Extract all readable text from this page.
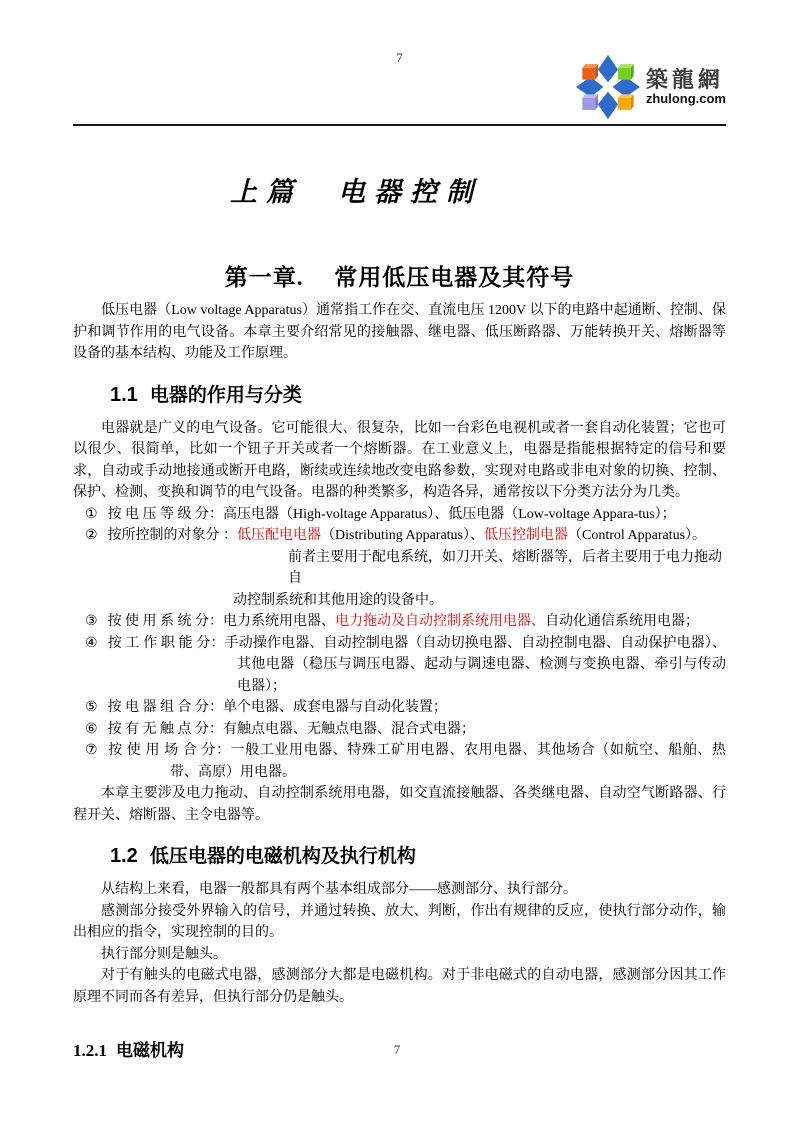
7
築龍網
zhulong.com
上篇 电器控制
第一章.　 常用低压电器及其符号

低压电器（Low voltage Apparatus）通常指工作在交、直流电压 1200V 以下的电路中起通断、控制、保护和调节作用的电气设备。本章主要介绍常见的接触器、继电器、低压断路器、万能转换开关、熔断器等设备的基本结构、功能及工作原理。

1.1 电器的作用与分类

电器就是广义的电气设备。它可能很大、很复杂，比如一台彩色电视机或者一套自动化装置；它也可以很少、很简单，比如一个钮子开关或者一个熔断器。在工业意义上，电器是指能根据特定的信号和要求，自动或手动地接通或断开电路，断续或连续地改变电路参数，实现对电路或非电对象的切换、控制、保护、检测、变换和调节的电气设备。电器的种类繁多，构造各异，通常按以下分类方法分为几类。

① 按 电 压 等 级 分：高压电器（High-voltage Apparatus）、低压电器（Low-voltage Appara-tus）；
② 按所控制的对象分 ：低压配电电器（Distributing Apparatus）、低压控制电器（Control Apparatus）。
前者主要用于配电系统，如刀开关、熔断器等，后者主要用于电力拖动自
动控制系统和其他用途的设备中。
③ 按 使 用 系 统 分：电力系统用电器、电力拖动及自动控制系统用电器、自动化通信系统用电器；
④ 按 工 作 职 能 分：手动操作电器、自动控制电器（自动切换电器、自动控制电器、自动保护电器）、其他电器（稳压与调压电器、起动与调速电器、检测与变换电器、牵引与传动电器）；
⑤ 按 电 器 组 合 分：单个电器、成套电器与自动化装置；
⑥ 按 有 无 触 点 分：有触点电器、无触点电器、混合式电器；
⑦ 按 使 用 场 合 分：一般工业用电器、特殊工矿用电器、农用电器、其他场合（如航空、船舶、热带、高原）用电器。

本章主要涉及电力拖动、自动控制系统用电器，如交直流接触器、各类继电器、自动空气断路器、行程开关、熔断器、主令电器等。

1.2 低压电器的电磁机构及执行机构

从结构上来看，电器一般都具有两个基本组成部分——感测部分、执行部分。

感测部分接受外界输入的信号，并通过转换、放大、判断，作出有规律的反应，使执行部分动作，输出相应的指令，实现控制的目的。

执行部分则是触头。

对于有触头的电磁式电器，感测部分大都是电磁机构。对于非电磁式的自动电器，感测部分因其工作原理不同而各有差异，但执行部分仍是触头。

1.2.1 电磁机构	7
